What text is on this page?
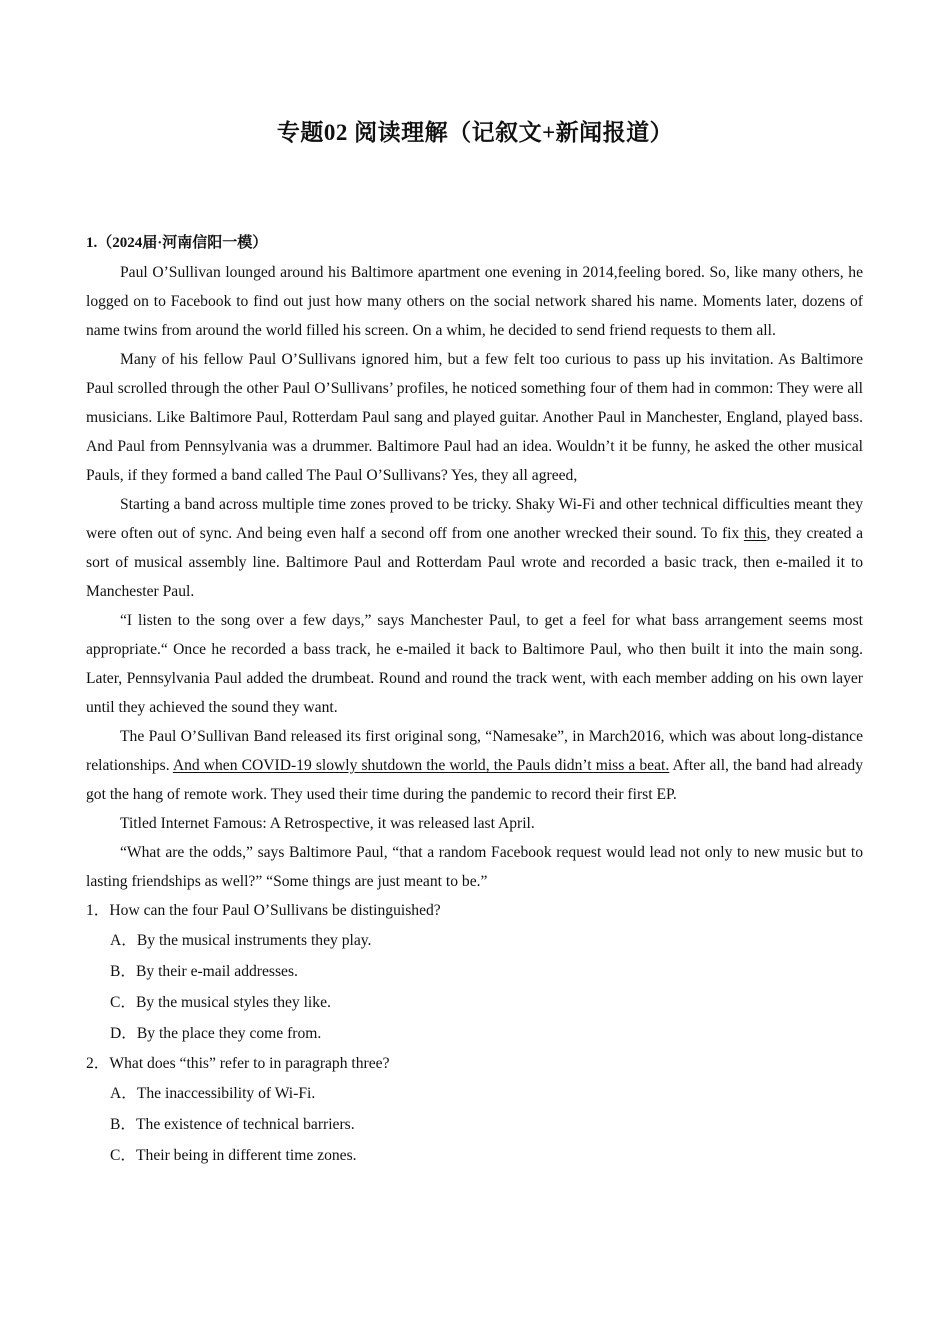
专题02 阅读理解（记叙文+新闻报道）

1.（2024届·河南信阳一模）

Paul O’Sullivan lounged around his Baltimore apartment one evening in 2014,feeling bored. So, like many others, he logged on to Facebook to find out just how many others on the social network shared his name. Moments later, dozens of name twins from around the world filled his screen. On a whim, he decided to send friend requests to them all.

Many of his fellow Paul O’Sullivans ignored him, but a few felt too curious to pass up his invitation. As Baltimore Paul scrolled through the other Paul O’Sullivans’ profiles, he noticed something four of them had in common: They were all musicians. Like Baltimore Paul, Rotterdam Paul sang and played guitar. Another Paul in Manchester, England, played bass. And Paul from Pennsylvania was a drummer. Baltimore Paul had an idea. Wouldn’t it be funny, he asked the other musical Pauls, if they formed a band called The Paul O’Sullivans? Yes, they all agreed,

Starting a band across multiple time zones proved to be tricky. Shaky Wi-Fi and other technical difficulties meant they were often out of sync. And being even half a second off from one another wrecked their sound. To fix this, they created a sort of musical assembly line. Baltimore Paul and Rotterdam Paul wrote and recorded a basic track, then e-mailed it to Manchester Paul.

“I listen to the song over a few days,” says Manchester Paul, to get a feel for what bass arrangement seems most appropriate.“ Once he recorded a bass track, he e-mailed it back to Baltimore Paul, who then built it into the main song. Later, Pennsylvania Paul added the drumbeat. Round and round the track went, with each member adding on his own layer until they achieved the sound they want.

The Paul O’Sullivan Band released its first original song, “Namesake”, in March2016, which was about long-distance relationships. And when COVID-19 slowly shutdown the world, the Pauls didn’t miss a beat. After all, the band had already got the hang of remote work. They used their time during the pandemic to record their first EP.

Titled Internet Famous: A Retrospective, it was released last April.

“What are the odds,” says Baltimore Paul, “that a random Facebook request would lead not only to new music but to lasting friendships as well?” “Some things are just meant to be.”

1．How can the four Paul O’Sullivans be distinguished?

A．By the musical instruments they play.

B．By their e-mail addresses.

C．By the musical styles they like.

D．By the place they come from.

2．What does “this” refer to in paragraph three?

A．The inaccessibility of Wi-Fi.

B．The existence of technical barriers.

C．Their being in different time zones.
